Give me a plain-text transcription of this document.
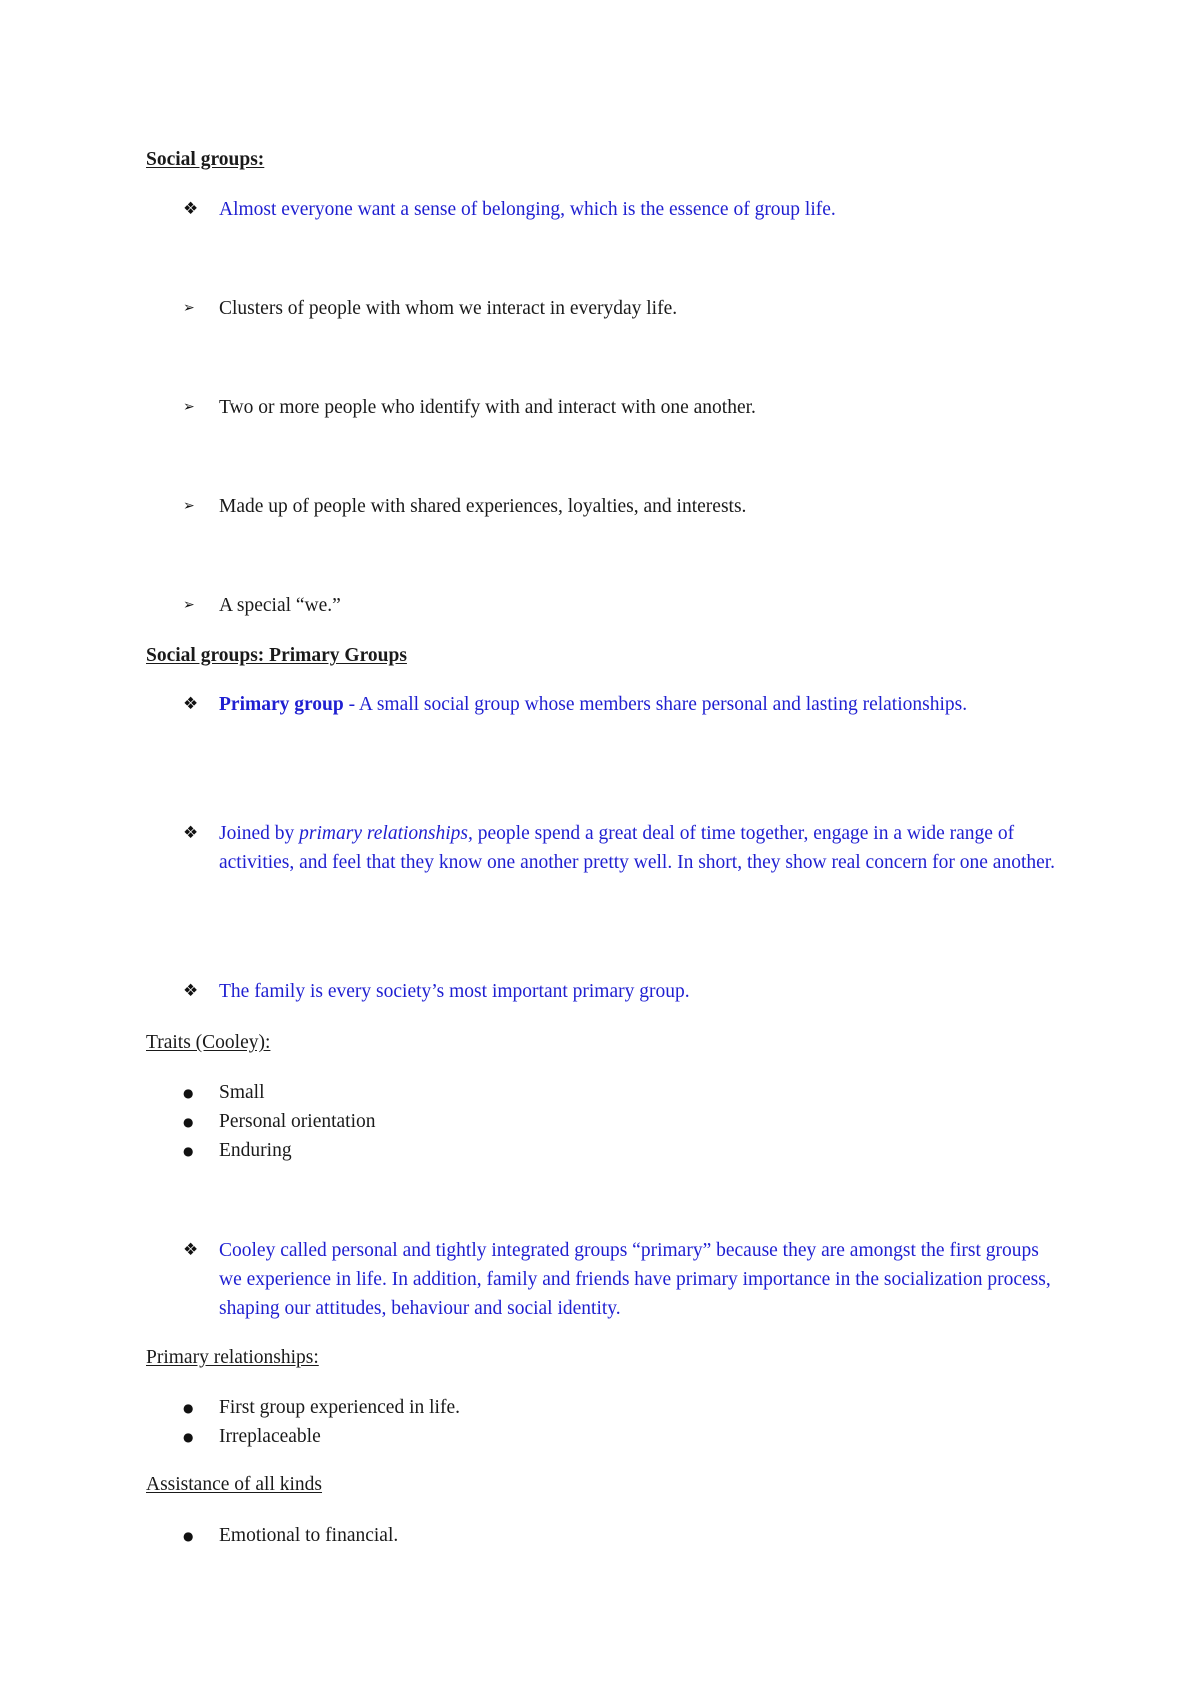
Social groups:
❖	Almost everyone want a sense of belonging, which is the essence of group life.
➢	Clusters of people with whom we interact in everyday life.
➢	Two or more people who identify with and interact with one another.
➢	Made up of people with shared experiences, loyalties, and interests.
➢	A special “we.”
Social groups: Primary Groups
❖	Primary group - A small social group whose members share personal and lasting relationships.
❖	Joined by primary relationships, people spend a great deal of time together, engage in a wide range of activities, and feel that they know one another pretty well. In short, they show real concern for one another.
❖	The family is every society’s most important primary group.
Traits (Cooley):
●	Small
●	Personal orientation
●	Enduring
❖	Cooley called personal and tightly integrated groups “primary” because they are amongst the first groups we experience in life. In addition, family and friends have primary importance in the socialization process, shaping our attitudes, behaviour and social identity.
Primary relationships:
●	First group experienced in life.
●	Irreplaceable
Assistance of all kinds
●	Emotional to financial.
